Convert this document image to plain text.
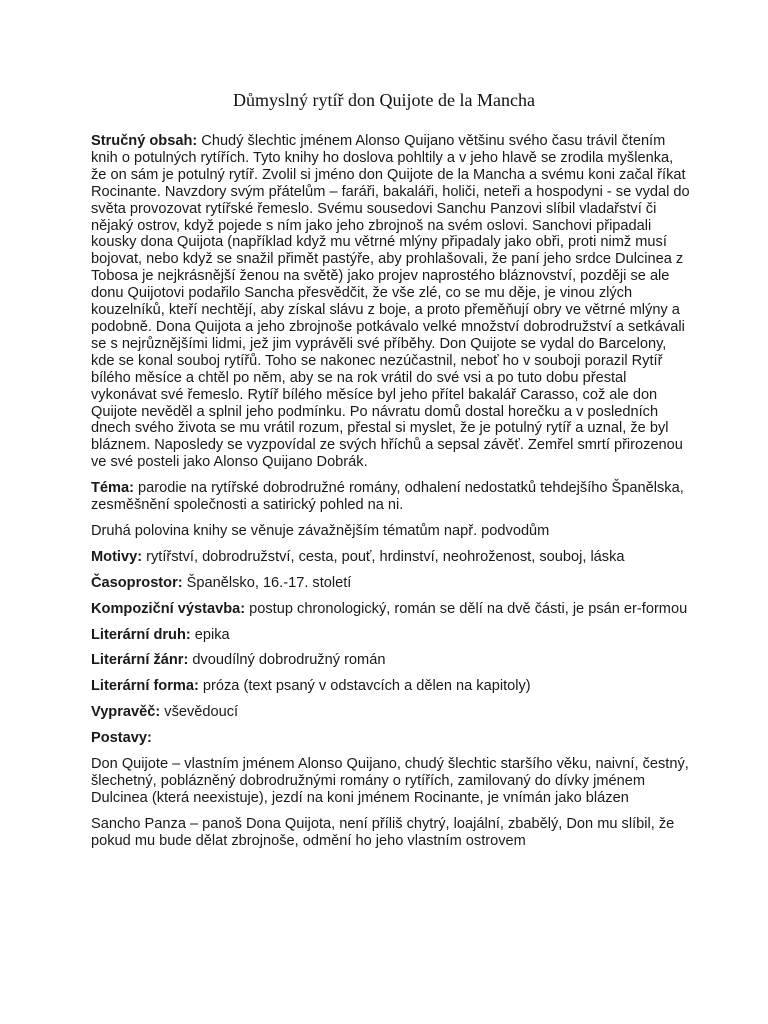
Důmyslný rytíř don Quijote de la Mancha

Stručný obsah: Chudý šlechtic jménem Alonso Quijano většinu svého času trávil čtením knih o potulných rytířích. Tyto knihy ho doslova pohltily a v jeho hlavě se zrodila myšlenka, že on sám je potulný rytíř. Zvolil si jméno don Quijote de la Mancha a svému koni začal říkat Rocinante. Navzdory svým přátelům – faráři, bakaláři, holiči, neteři a hospodyni - se vydal do světa provozovat rytířské řemeslo. Svému sousedovi Sanchu Panzovi slíbil vladařství či nějaký ostrov, když pojede s ním jako jeho zbrojnoš na svém oslovi. Sanchovi připadali kousky dona Quijota (například když mu větrné mlýny připadaly jako obři, proti nimž musí bojovat, nebo když se snažil přimět pastýře, aby prohlašovali, že paní jeho srdce Dulcinea z Tobosa je nejkrásnější ženou na světě) jako projev naprostého bláznovství, později se ale donu Quijotovi podařilo Sancha přesvědčit, že vše zlé, co se mu děje, je vinou zlých kouzelníků, kteří nechtějí, aby získal slávu z boje, a proto přeměňují obry ve větrné mlýny a podobně. Dona Quijota a jeho zbrojnoše potkávalo velké množství dobrodružství a setkávali se s nejrůznějšími lidmi, jež jim vyprávěli své příběhy. Don Quijote se vydal do Barcelony, kde se konal souboj rytířů. Toho se nakonec nezúčastnil, neboť ho v souboji porazil Rytíř bílého měsíce a chtěl po něm, aby se na rok vrátil do své vsi a po tuto dobu přestal vykonávat své řemeslo. Rytíř bílého měsíce byl jeho přítel bakalář Carasso, což ale don Quijote nevěděl a splnil jeho podmínku. Po návratu domů dostal horečku a v posledních dnech svého života se mu vrátil rozum, přestal si myslet, že je potulný rytíř a uznal, že byl bláznem. Naposledy se vyzpovídal ze svých hříchů a sepsal závěť. Zemřel smrtí přirozenou ve své posteli jako Alonso Quijano Dobrák.

Téma: parodie na rytířské dobrodružné romány, odhalení nedostatků tehdejšího Španělska, zesměšnění společnosti a satirický pohled na ni.

Druhá polovina knihy se věnuje závažnějším tématům např. podvodům

Motivy: rytířství, dobrodružství, cesta, pouť, hrdinství, neohroženost, souboj, láska

Časoprostor: Španělsko, 16.-17. století

Kompoziční výstavba: postup chronologický, román se dělí na dvě části, je psán er-formou

Literární druh: epika

Literární žánr: dvoudílný dobrodružný román

Literární forma: próza (text psaný v odstavcích a dělen na kapitoly)

Vypravěč: vševědoucí

Postavy:

Don Quijote – vlastním jménem Alonso Quijano, chudý šlechtic staršího věku, naivní, čestný, šlechetný, poblázněný dobrodružnými romány o rytířích, zamilovaný do dívky jménem Dulcinea (která neexistuje), jezdí na koni jménem Rocinante, je vnímán jako blázen

Sancho Panza – panoš Dona Quijota, není příliš chytrý, loajální, zbabělý, Don mu slíbil, že pokud mu bude dělat zbrojnoše, odmění ho jeho vlastním ostrovem
